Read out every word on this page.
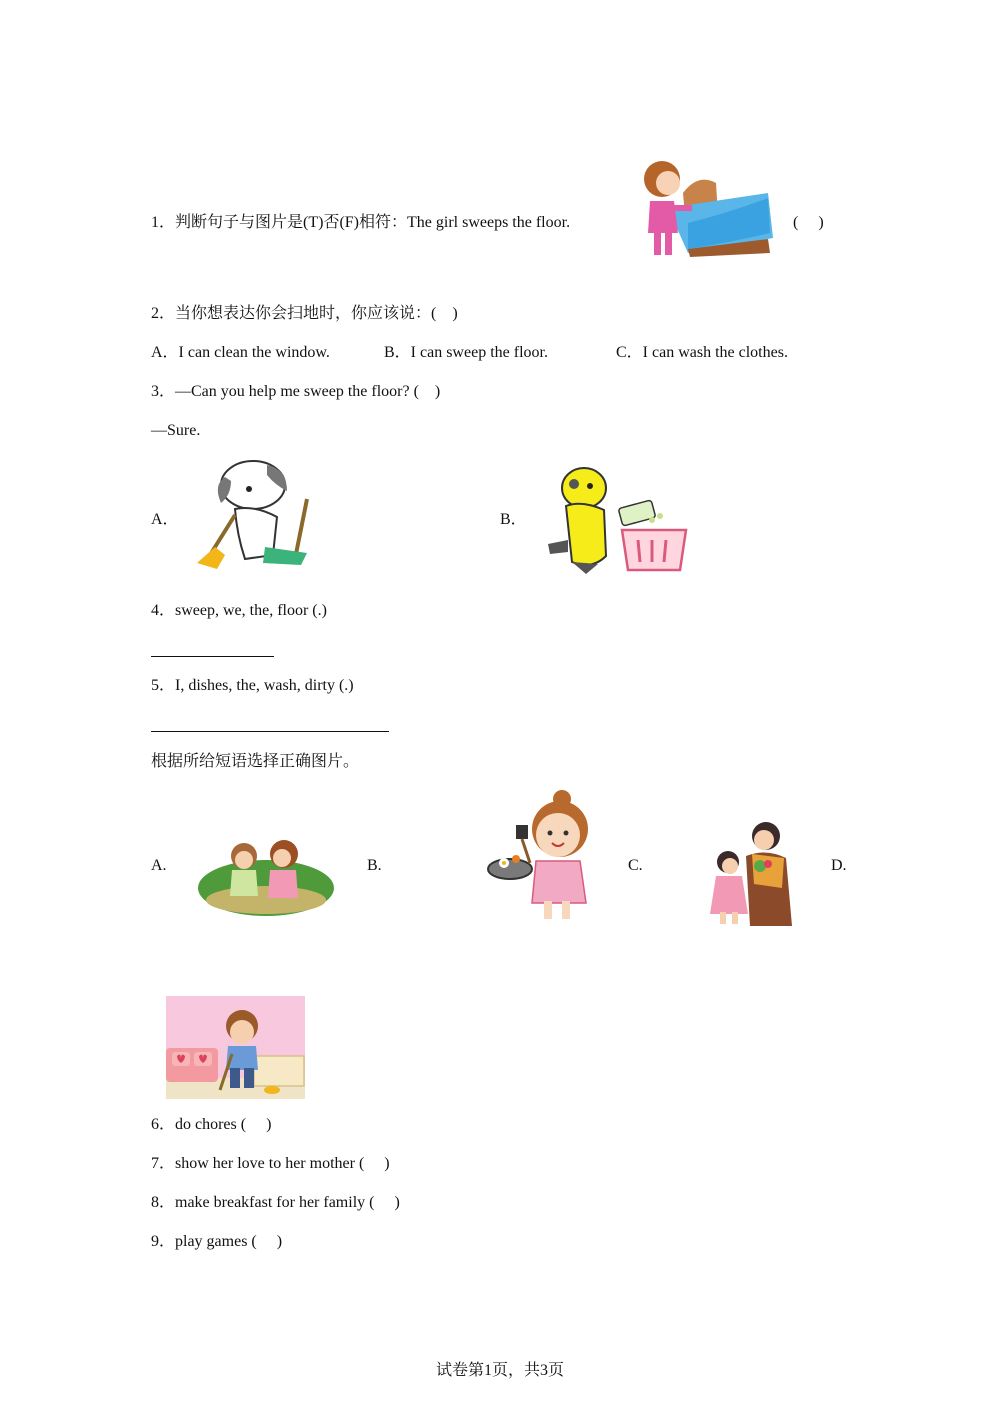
1．判断句子与图片是(T)否(F)相符：The girl sweeps the floor.	(　 )
2．当你想表达你会扫地时，你应该说：(　)
A．I can clean the window.	B．I can sweep the floor.	C．I can wash the clothes.
3．—Can you help me sweep the floor? (　)
—Sure.
A．	B．
4．sweep, we, the, floor (.)
5．I, dishes, the, wash, dirty (.)
根据所给短语选择正确图片。
A.	B.	C.	D.
6．do chores (　 )
7．show her love to her mother (　 )
8．make breakfast for her family (　 )
9．play games (　 )
试卷第1页，共3页
